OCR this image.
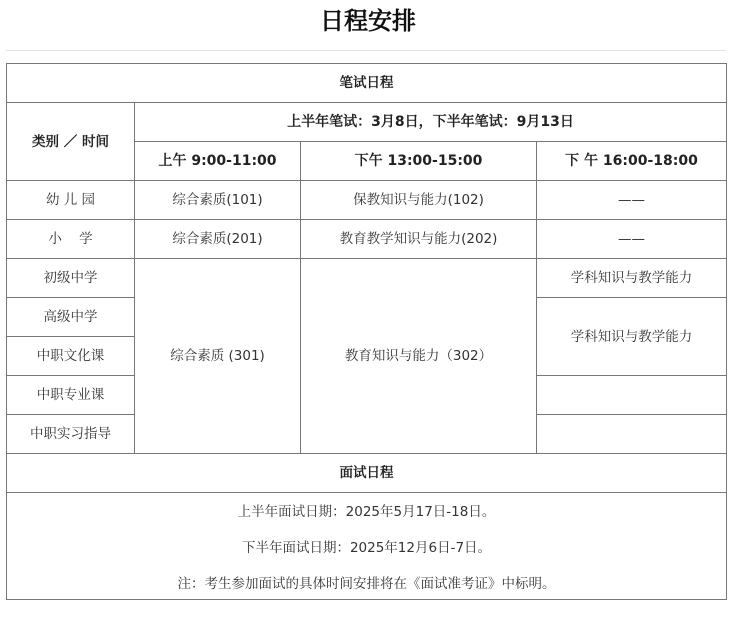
日程安排
笔试日程			
类别 ／ 时间	上半年笔试：3月8日，下半年笔试：9月13日		
	上午 9:00-11:00	下午 13:00-15:00	下 午 16:00-18:00
幼 儿 园	综合素质(101)	保教知识与能力(102)	——
小    学	综合素质(201)	教育教学知识与能力(202)	——
初级中学	综合素质 (301)	教育知识与能力（302）	学科知识与教学能力
高级中学			学科知识与教学能力
中职文化课			
中职专业课			
中职实习指导			
面试日程			

上半年面试日期：2025年5月17日-18日。
下半年面试日期：2025年12月6日-7日。
注：考生参加面试的具体时间安排将在《面试准考证》中标明。			
